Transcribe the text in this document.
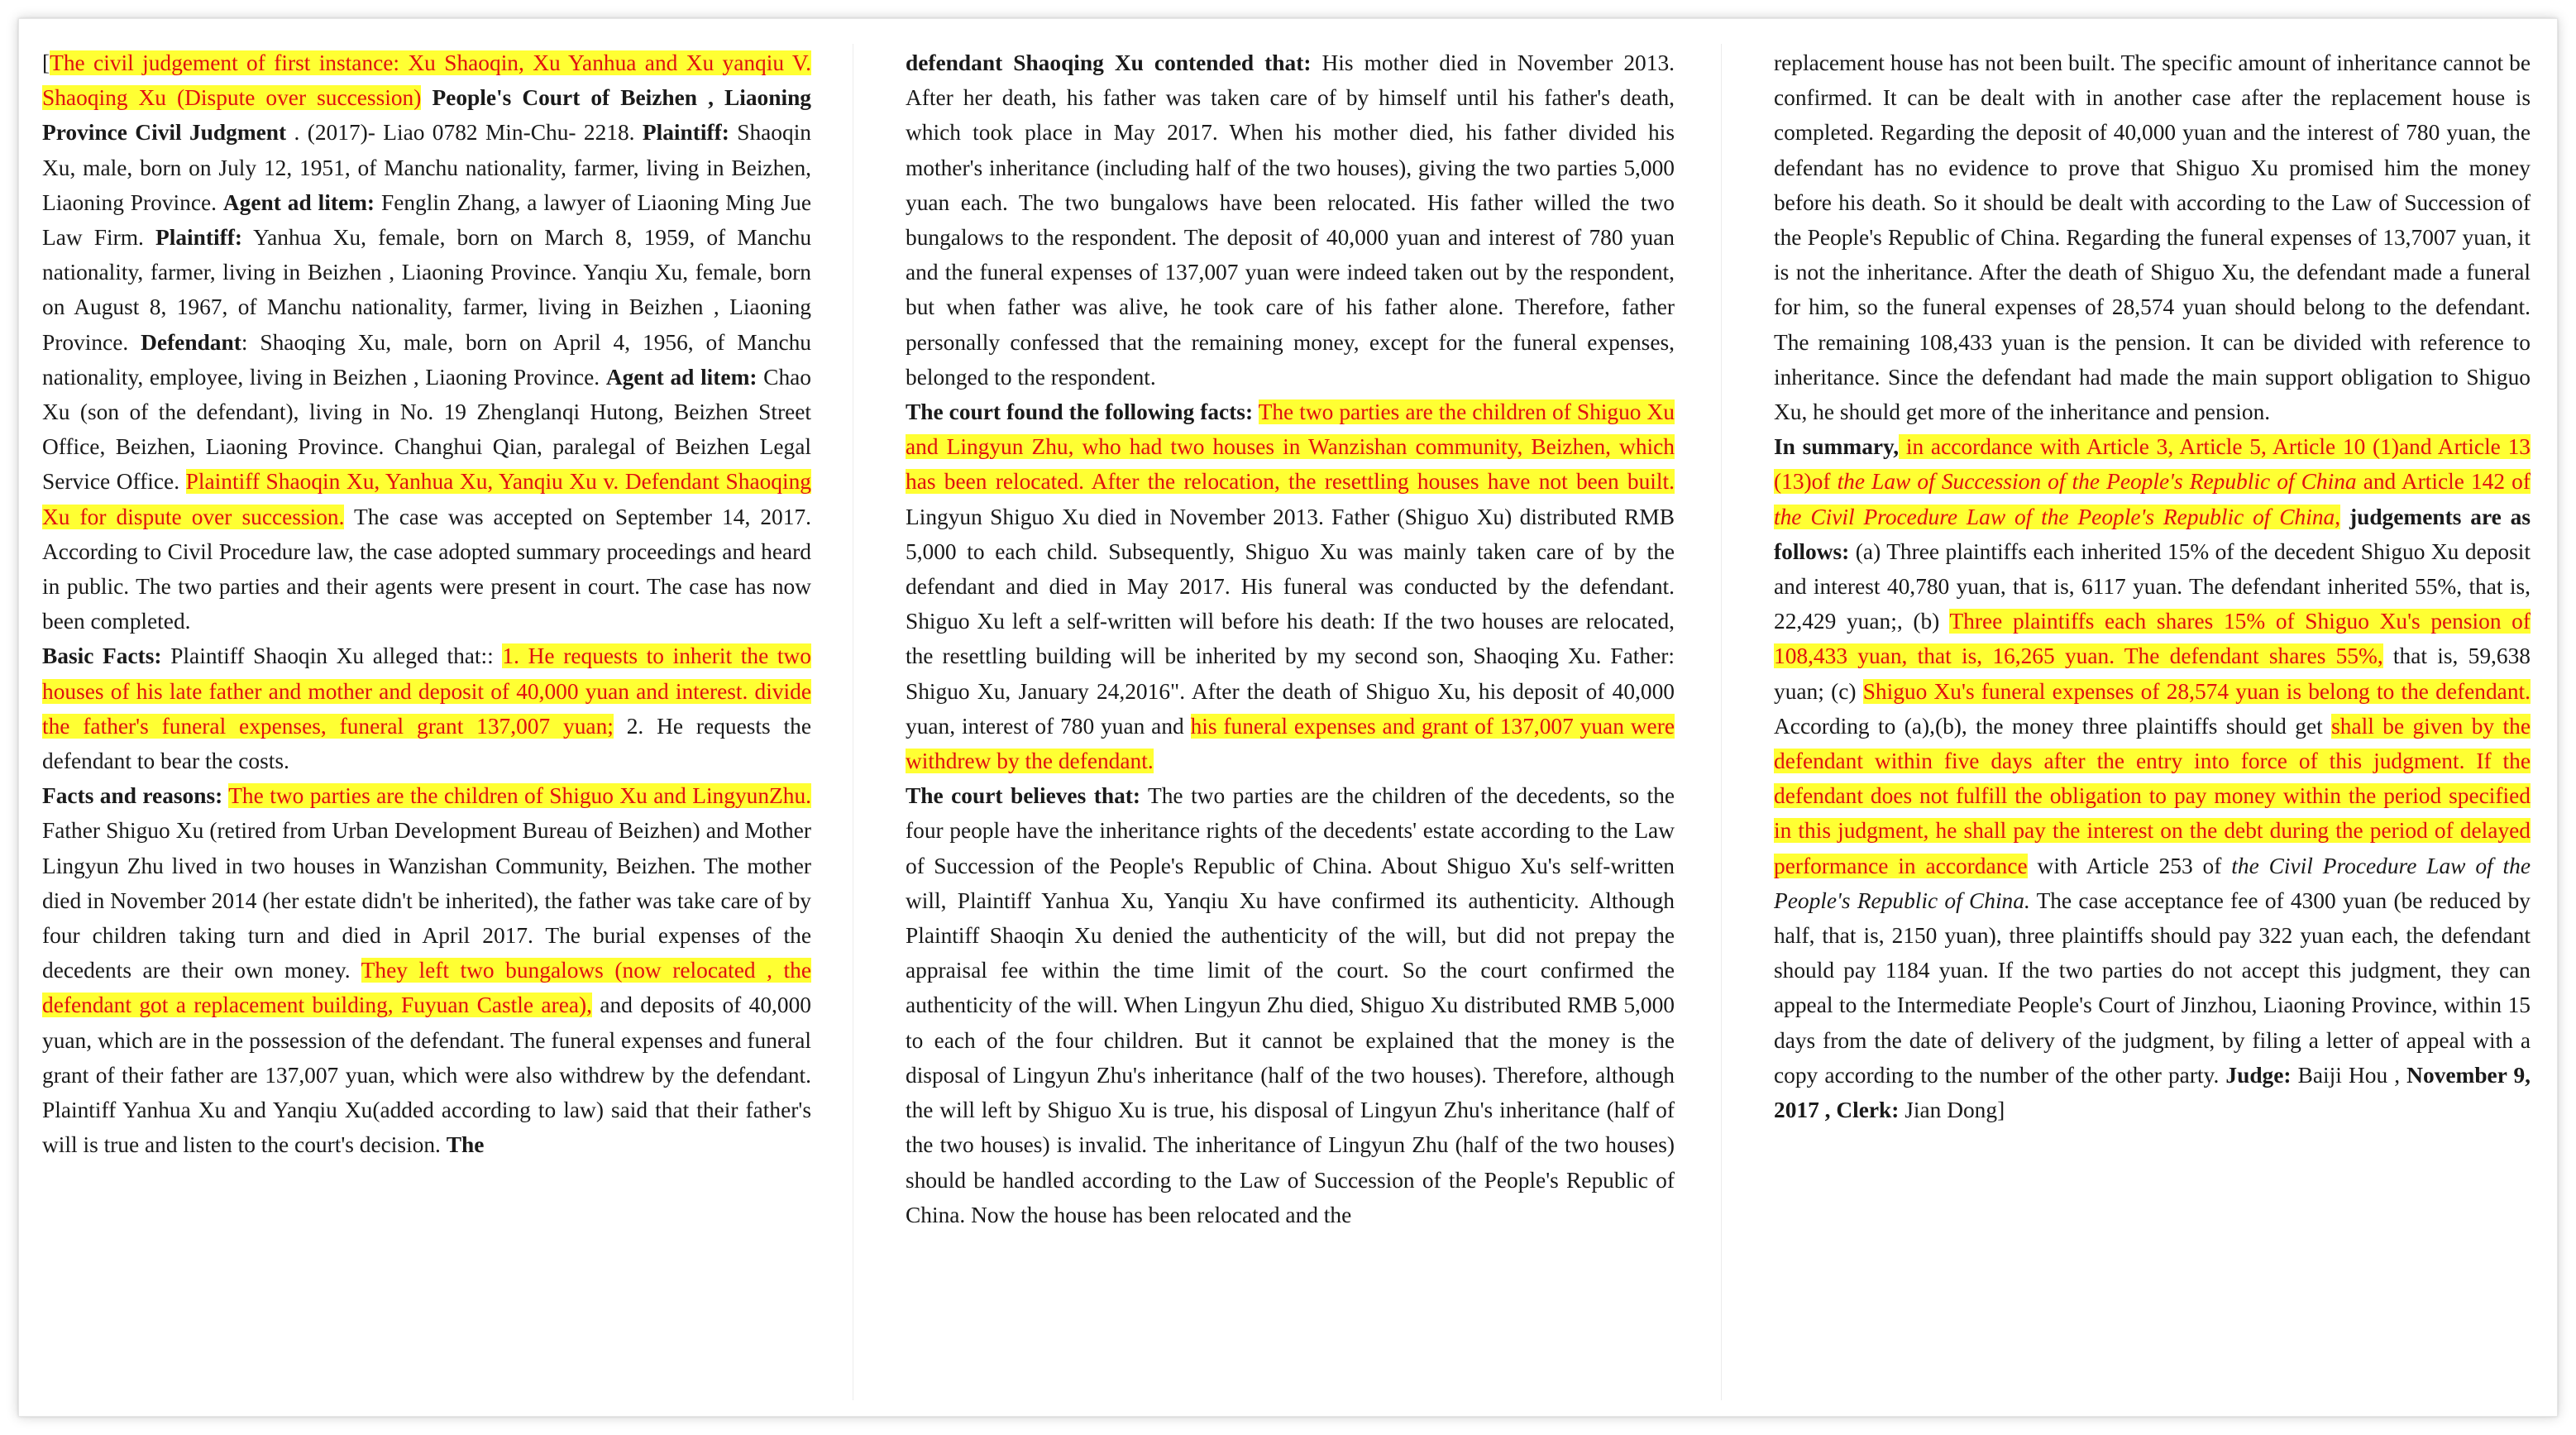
[The civil judgement of first instance: Xu Shaoqin, Xu Yanhua and Xu yanqiu V. Shaoqing Xu (Dispute over succession) People's Court of Beizhen , Liaoning Province Civil Judgment . (2017)- Liao 0782 Min-Chu- 2218. Plaintiff: Shaoqin Xu, male, born on July 12, 1951, of Manchu nationality, farmer, living in Beizhen, Liaoning Province. Agent ad litem: Fenglin Zhang, a lawyer of Liaoning Ming Jue Law Firm. Plaintiff: Yanhua Xu, female, born on March 8, 1959, of Manchu nationality, farmer, living in Beizhen , Liaoning Province. Yanqiu Xu, female, born on August 8, 1967, of Manchu nationality, farmer, living in Beizhen , Liaoning Province. Defendant: Shaoqing Xu, male, born on April 4, 1956, of Manchu nationality, employee, living in Beizhen , Liaoning Province. Agent ad litem: Chao Xu (son of the defendant), living in No. 19 Zhenglanqi Hutong, Beizhen Street Office, Beizhen, Liaoning Province. Changhui Qian, paralegal of Beizhen Legal Service Office. Plaintiff Shaoqin Xu, Yanhua Xu, Yanqiu Xu v. Defendant Shaoqing Xu for dispute over succession. The case was accepted on September 14, 2017. According to Civil Procedure law, the case adopted summary proceedings and heard in public. The two parties and their agents were present in court. The case has now been completed.

Basic Facts: Plaintiff Shaoqin Xu alleged that:: 1. He requests to inherit the two houses of his late father and mother and deposit of 40,000 yuan and interest. divide the father's funeral expenses, funeral grant 137,007 yuan; 2. He requests the defendant to bear the costs.

Facts and reasons: The two parties are the children of Shiguo Xu and LingyunZhu. Father Shiguo Xu (retired from Urban Development Bureau of Beizhen) and Mother Lingyun Zhu lived in two houses in Wanzishan Community, Beizhen. The mother died in November 2014 (her estate didn't be inherited), the father was take care of by four children taking turn and died in April 2017. The burial expenses of the decedents are their own money. They left two bungalows (now relocated , the defendant got a replacement building, Fuyuan Castle area), and deposits of 40,000 yuan, which are in the possession of the defendant. The funeral expenses and funeral grant of their father are 137,007 yuan, which were also withdrew by the defendant. Plaintiff Yanhua Xu and Yanqiu Xu(added according to law) said that their father's will is true and listen to the court's decision. The

defendant Shaoqing Xu contended that: His mother died in November 2013. After her death, his father was taken care of by himself until his father's death, which took place in May 2017. When his mother died, his father divided his mother's inheritance (including half of the two houses), giving the two parties 5,000 yuan each. The two bungalows have been relocated. His father willed the two bungalows to the respondent. The deposit of 40,000 yuan and interest of 780 yuan and the funeral expenses of 137,007 yuan were indeed taken out by the respondent, but when father was alive, he took care of his father alone. Therefore, father personally confessed that the remaining money, except for the funeral expenses, belonged to the respondent.

The court found the following facts: The two parties are the children of Shiguo Xu and Lingyun Zhu, who had two houses in Wanzishan community, Beizhen, which has been relocated. After the relocation, the resettling houses have not been built. Lingyun Shiguo Xu died in November 2013. Father (Shiguo Xu) distributed RMB 5,000 to each child. Subsequently, Shiguo Xu was mainly taken care of by the defendant and died in May 2017. His funeral was conducted by the defendant. Shiguo Xu left a self-written will before his death: If the two houses are relocated, the resettling building will be inherited by my second son, Shaoqing Xu. Father: Shiguo Xu, January 24,2016". After the death of Shiguo Xu, his deposit of 40,000 yuan, interest of 780 yuan and his funeral expenses and grant of 137,007 yuan were withdrew by the defendant.

The court believes that: The two parties are the children of the decedents, so the four people have the inheritance rights of the decedents' estate according to the Law of Succession of the People's Republic of China. About Shiguo Xu's self-written will, Plaintiff Yanhua Xu, Yanqiu Xu have confirmed its authenticity. Although Plaintiff Shaoqin Xu denied the authenticity of the will, but did not prepay the appraisal fee within the time limit of the court. So the court confirmed the authenticity of the will. When Lingyun Zhu died, Shiguo Xu distributed RMB 5,000 to each of the four children. But it cannot be explained that the money is the disposal of Lingyun Zhu's inheritance (half of the two houses). Therefore, although the will left by Shiguo Xu is true, his disposal of Lingyun Zhu's inheritance (half of the two houses) is invalid. The inheritance of Lingyun Zhu (half of the two houses) should be handled according to the Law of Succession of the People's Republic of China. Now the house has been relocated and the

replacement house has not been built. The specific amount of inheritance cannot be confirmed. It can be dealt with in another case after the replacement house is completed. Regarding the deposit of 40,000 yuan and the interest of 780 yuan, the defendant has no evidence to prove that Shiguo Xu promised him the money before his death. So it should be dealt with according to the Law of Succession of the People's Republic of China. Regarding the funeral expenses of 13,7007 yuan, it is not the inheritance. After the death of Shiguo Xu, the defendant made a funeral for him, so the funeral expenses of 28,574 yuan should belong to the defendant. The remaining 108,433 yuan is the pension. It can be divided with reference to inheritance. Since the defendant had made the main support obligation to Shiguo Xu, he should get more of the inheritance and pension.

In summary, in accordance with Article 3, Article 5, Article 10 (1)and Article 13 (13)of the Law of Succession of the People's Republic of China and Article 142 of the Civil Procedure Law of the People's Republic of China, judgements are as follows: (a) Three plaintiffs each inherited 15% of the decedent Shiguo Xu deposit and interest 40,780 yuan, that is, 6117 yuan. The defendant inherited 55%, that is, 22,429 yuan;, (b) Three plaintiffs each shares 15% of Shiguo Xu's pension of 108,433 yuan, that is, 16,265 yuan. The defendant shares 55%, that is, 59,638 yuan; (c) Shiguo Xu's funeral expenses of 28,574 yuan is belong to the defendant. According to (a),(b), the money three plaintiffs should get shall be given by the defendant within five days after the entry into force of this judgment. If the defendant does not fulfill the obligation to pay money within the period specified in this judgment, he shall pay the interest on the debt during the period of delayed performance in accordance with Article 253 of the Civil Procedure Law of the People's Republic of China. The case acceptance fee of 4300 yuan (be reduced by half, that is, 2150 yuan), three plaintiffs should pay 322 yuan each, the defendant should pay 1184 yuan. If the two parties do not accept this judgment, they can appeal to the Intermediate People's Court of Jinzhou, Liaoning Province, within 15 days from the date of delivery of the judgment, by filing a letter of appeal with a copy according to the number of the other party. Judge: Baiji Hou , November 9, 2017 , Clerk: Jian Dong]
